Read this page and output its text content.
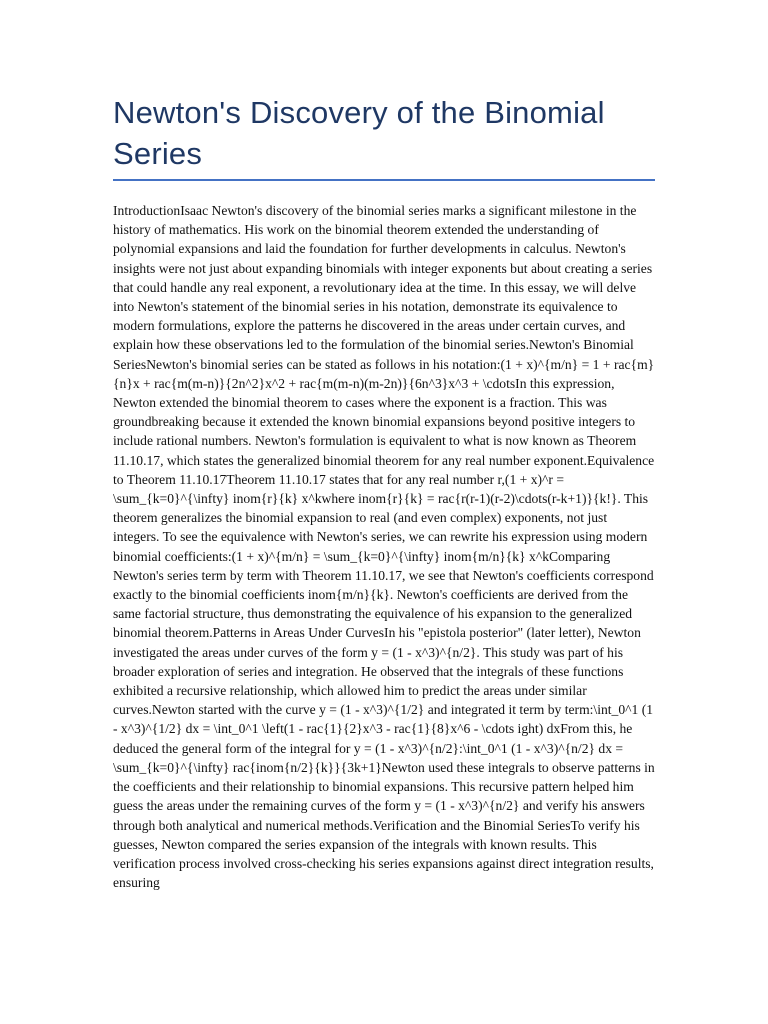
Newton's Discovery of the Binomial Series
IntroductionIsaac Newton's discovery of the binomial series marks a significant milestone in the history of mathematics. His work on the binomial theorem extended the understanding of polynomial expansions and laid the foundation for further developments in calculus. Newton's insights were not just about expanding binomials with integer exponents but about creating a series that could handle any real exponent, a revolutionary idea at the time. In this essay, we will delve into Newton's statement of the binomial series in his notation, demonstrate its equivalence to modern formulations, explore the patterns he discovered in the areas under certain curves, and explain how these observations led to the formulation of the binomial series.Newton's Binomial SeriesNewton's binomial series can be stated as follows in his notation:(1 + x)^{m/n} = 1 + rac{m}{n}x + rac{m(m-n)}{2n^2}x^2 + rac{m(m-n)(m-2n)}{6n^3}x^3 + \cdotsIn this expression, Newton extended the binomial theorem to cases where the exponent is a fraction. This was groundbreaking because it extended the known binomial expansions beyond positive integers to include rational numbers. Newton's formulation is equivalent to what is now known as Theorem 11.10.17, which states the generalized binomial theorem for any real number exponent.Equivalence to Theorem 11.10.17Theorem 11.10.17 states that for any real number r,(1 + x)^r = \sum_{k=0}^{\infty} inom{r}{k} x^kwhere inom{r}{k} = rac{r(r-1)(r-2)\cdots(r-k+1)}{k!}. This theorem generalizes the binomial expansion to real (and even complex) exponents, not just integers. To see the equivalence with Newton's series, we can rewrite his expression using modern binomial coefficients:(1 + x)^{m/n} = \sum_{k=0}^{\infty} inom{m/n}{k} x^kComparing Newton's series term by term with Theorem 11.10.17, we see that Newton's coefficients correspond exactly to the binomial coefficients inom{m/n}{k}. Newton's coefficients are derived from the same factorial structure, thus demonstrating the equivalence of his expansion to the generalized binomial theorem.Patterns in Areas Under CurvesIn his "epistola posterior" (later letter), Newton investigated the areas under curves of the form y = (1 - x^3)^{n/2}. This study was part of his broader exploration of series and integration. He observed that the integrals of these functions exhibited a recursive relationship, which allowed him to predict the areas under similar curves.Newton started with the curve y = (1 - x^3)^{1/2} and integrated it term by term:\int_0^1 (1 - x^3)^{1/2} dx = \int_0^1 \left(1 - rac{1}{2}x^3 - rac{1}{8}x^6 - \cdots ight) dxFrom this, he deduced the general form of the integral for y = (1 - x^3)^{n/2}:\int_0^1 (1 - x^3)^{n/2} dx = \sum_{k=0}^{\infty} rac{inom{n/2}{k}}{3k+1}Newton used these integrals to observe patterns in the coefficients and their relationship to binomial expansions. This recursive pattern helped him guess the areas under the remaining curves of the form y = (1 - x^3)^{n/2} and verify his answers through both analytical and numerical methods.Verification and the Binomial SeriesTo verify his guesses, Newton compared the series expansion of the integrals with known results. This verification process involved cross-checking his series expansions against direct integration results, ensuring
